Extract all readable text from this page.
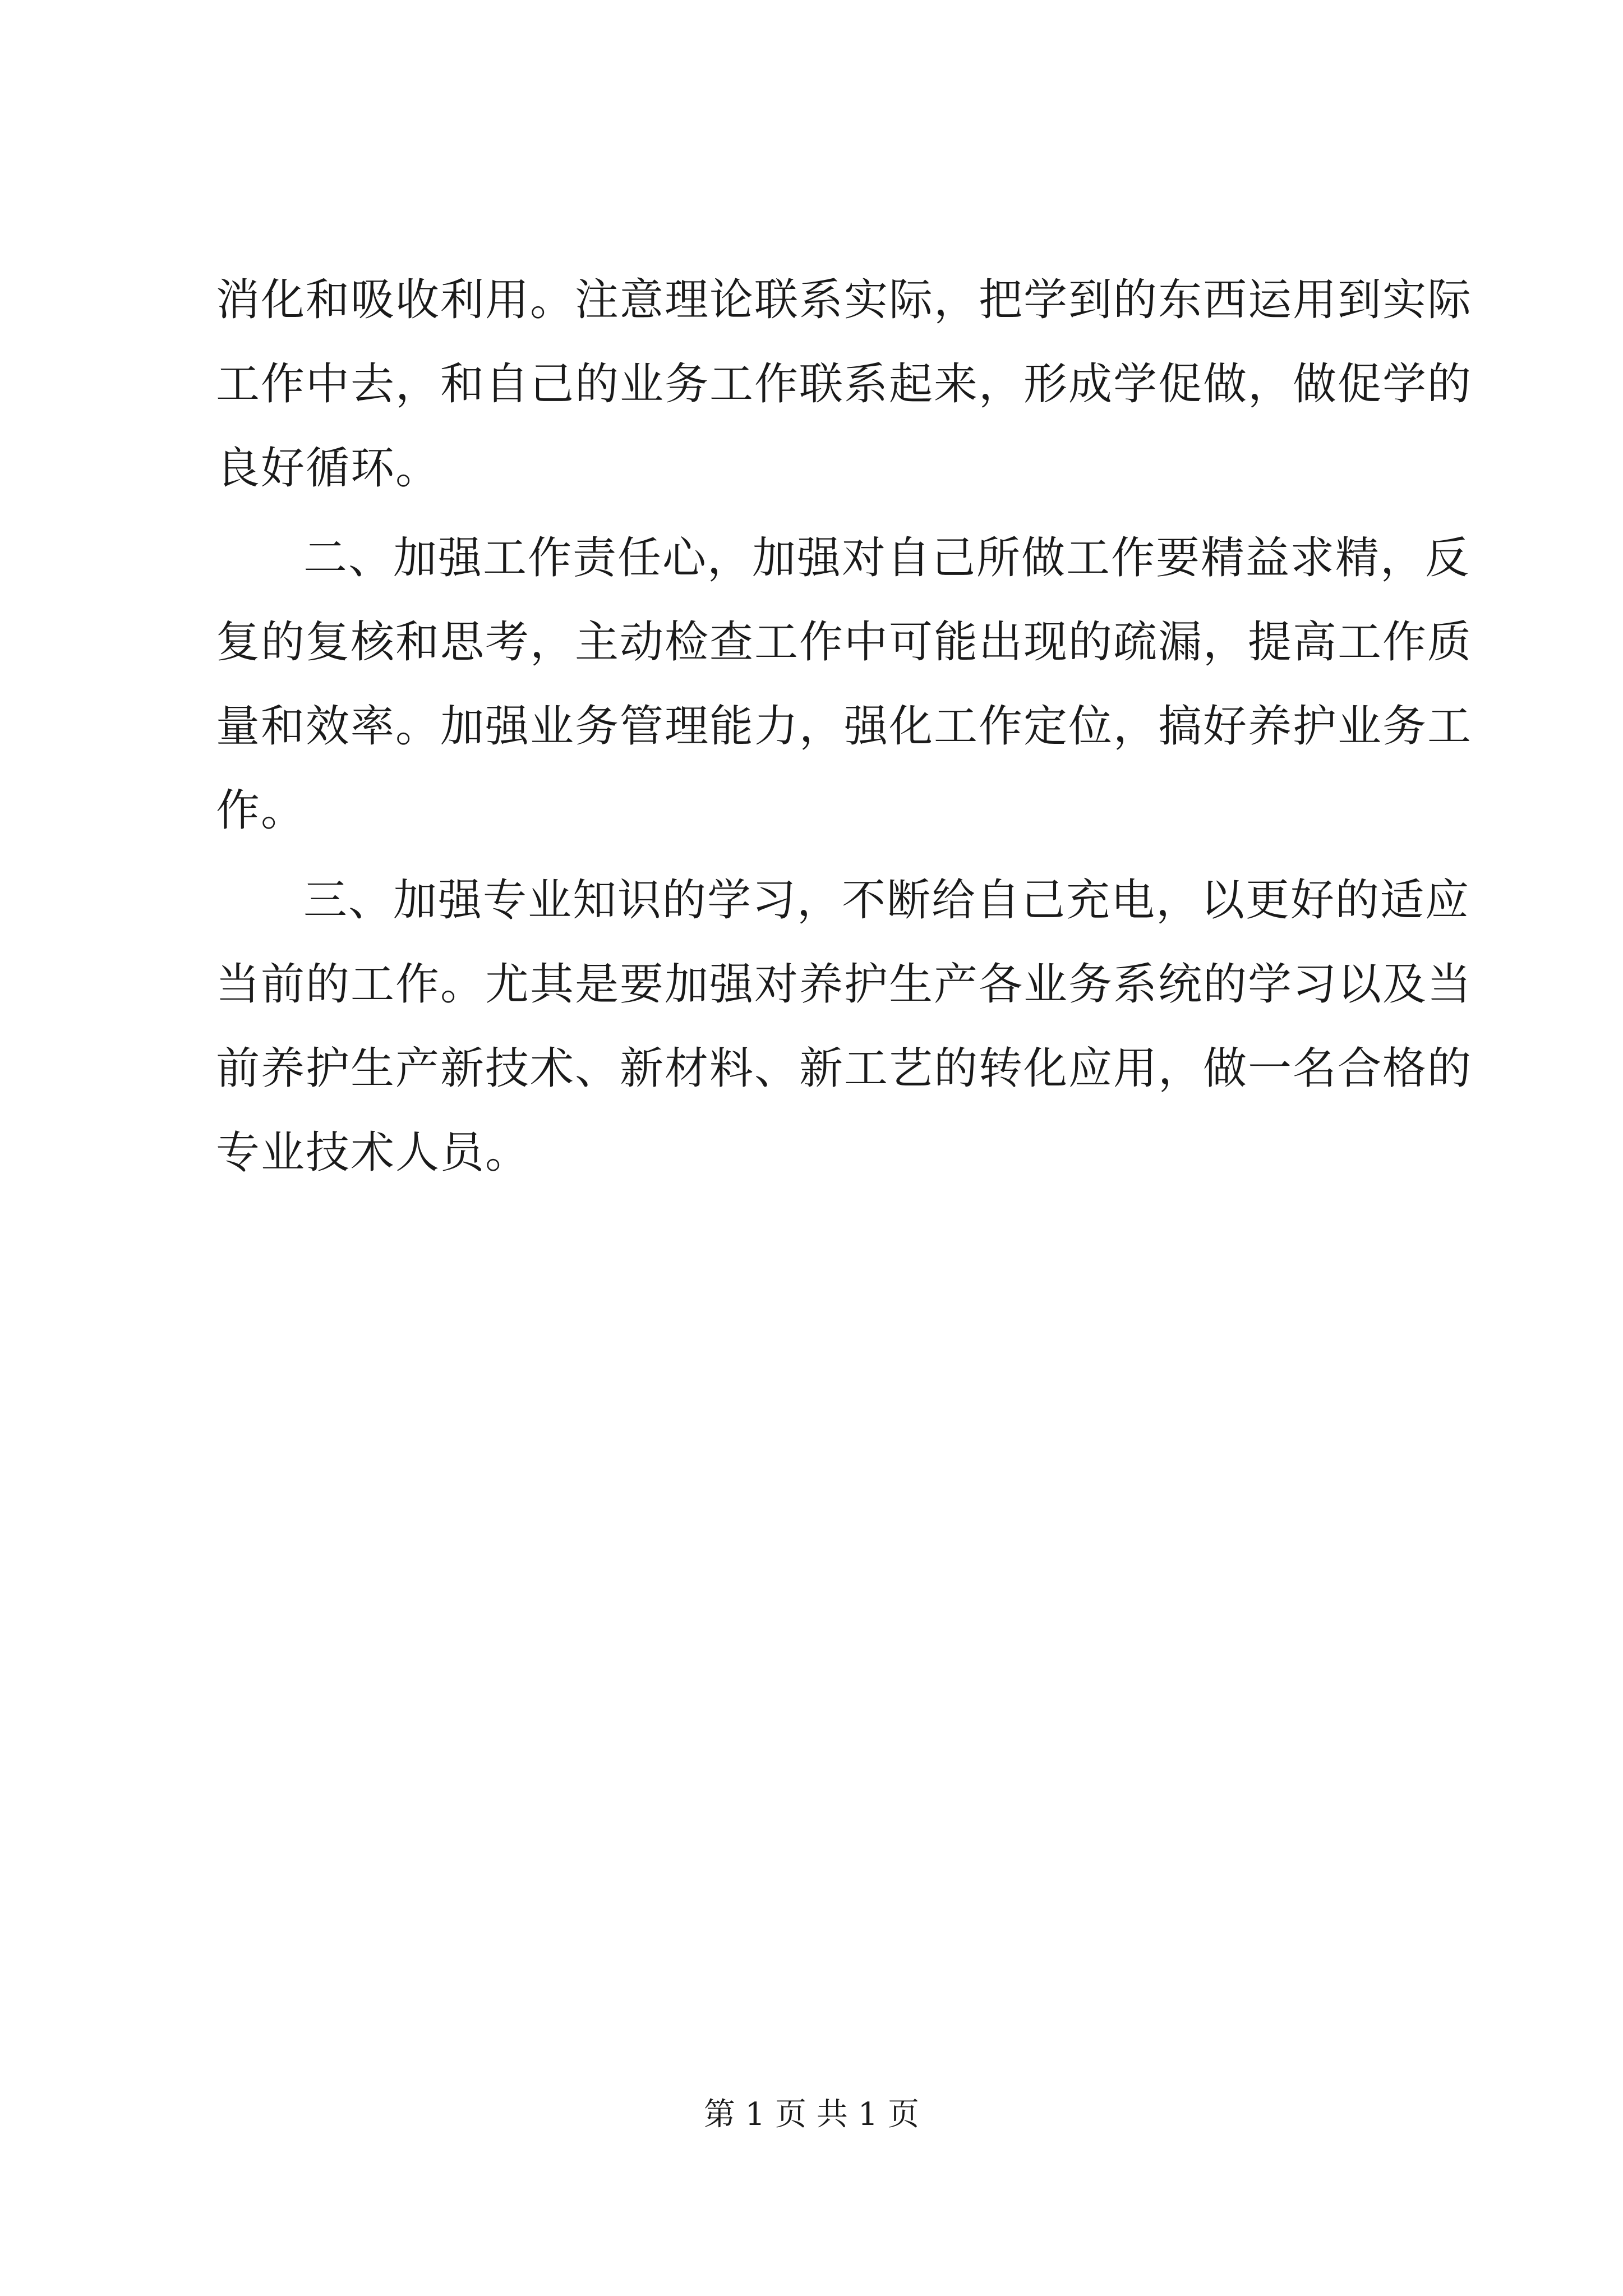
消化和吸收利用。注意理论联系实际，把学到的东西运用到实际
工作中去，和自己的业务工作联系起来，形成学促做，做促学的
良好循环。
二、加强工作责任心，加强对自己所做工作要精益求精，反
复的复核和思考，主动检查工作中可能出现的疏漏，提高工作质
量和效率。加强业务管理能力，强化工作定位，搞好养护业务工
作。
三、加强专业知识的学习，不断给自己充电，以更好的适应
当前的工作。尤其是要加强对养护生产各业务系统的学习以及当
前养护生产新技术、新材料、新工艺的转化应用，做一名合格的
专业技术人员。
第 1 页 共 1 页
